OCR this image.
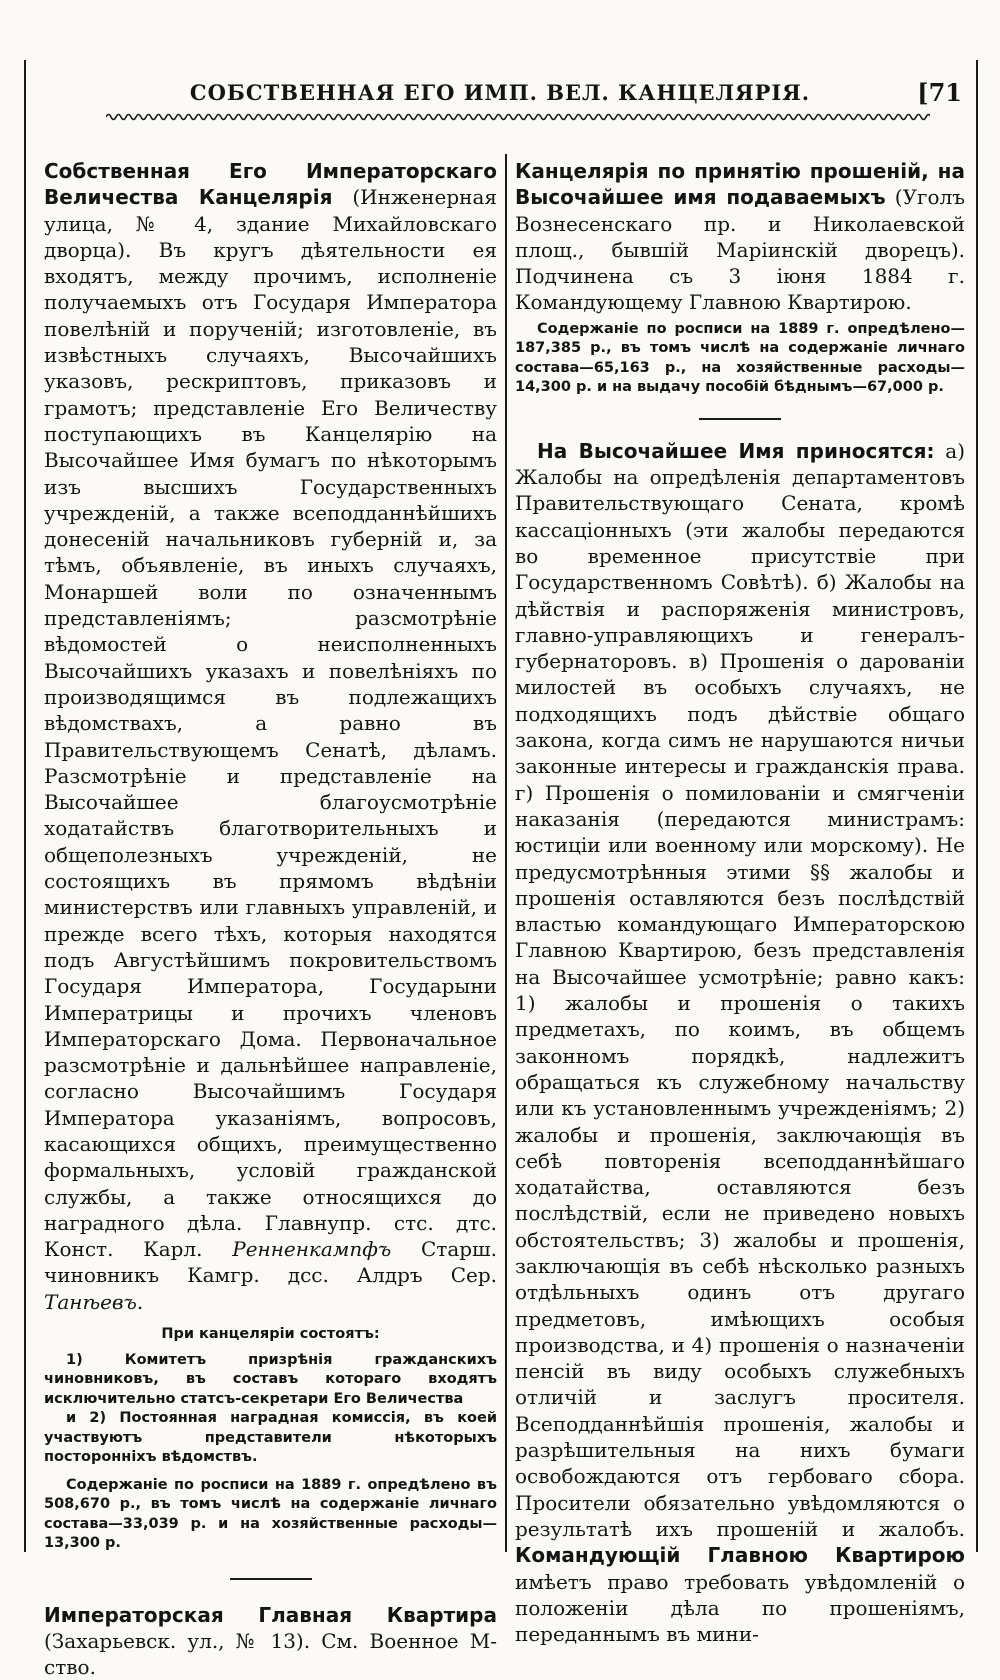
СОБСТВЕННАЯ ЕГО ИМП. ВЕЛ. КАНЦЕЛЯРІЯ.	[71

Собственная Его Императорскаго Величества Канцелярія (Инженерная улица, № 4, здание Михайловскаго дворца). Въ кругъ дѣятельности ея входятъ, между прочимъ, исполненіе получаемыхъ отъ Государя Императора повелѣній и порученій; изготовленіе, въ извѣстныхъ случаяхъ, Высочайшихъ указовъ, рескриптовъ, приказовъ и грамотъ; представленіе Его Величеству поступающихъ въ Канцелярію на Высочайшее Имя бумагъ по нѣкоторымъ изъ высшихъ Государственныхъ учрежденій, а также всеподданнѣйшихъ донесеній начальниковъ губерній и, за тѣмъ, объявленіе, въ иныхъ случаяхъ, Монаршей воли по означеннымъ представленіямъ; разсмотрѣніе вѣдомостей о неисполненныхъ Высочайшихъ указахъ и повелѣніяхъ по производящимся въ подлежащихъ вѣдомствахъ, а равно въ Правительствующемъ Сенатѣ, дѣламъ. Разсмотрѣніе и представленіе на Высочайшее благоусмотрѣніе ходатайствъ благотворительныхъ и общеполезныхъ учрежденій, не состоящихъ въ прямомъ вѣдѣніи министерствъ или главныхъ управленій, и прежде всего тѣхъ, которыя находятся подъ Августѣйшимъ покровительствомъ Государя Императора, Государыни Императрицы и прочихъ членовъ Императорскаго Дома. Первоначальное разсмотрѣніе и дальнѣйшее направленіе, согласно Высочайшимъ Государя Императора указаніямъ, вопросовъ, касающихся общихъ, преимущественно формальныхъ, условій гражданской службы, а также относящихся до наградного дѣла. Главнупр. стс. дтс. Конст. Карл. Ренненкампфъ Старш. чиновникъ Камгр. дсс. Алдръ Сер. Танѣевъ.

При канцеляріи состоятъ:

1) Комитетъ призрѣнія гражданскихъ чиновниковъ, въ составъ котораго входятъ исключительно статсъ-секретари Его Величества

и 2) Постоянная наградная комиссія, въ коей участвуютъ представители нѣкоторыхъ посторонніхъ вѣдомствъ.

Содержаніе по росписи на 1889 г. опредѣлено въ 508,670 р., въ томъ числѣ на содержаніе личнаго состава—33,039 р. и на хозяйственные расходы—13,300 р.

Императорская Главная Квартира (Захарьевск. ул., № 13). См. Военное М-ство.

Канцелярія по принятію прошеній, на Высочайшее имя подаваемыхъ (Уголъ Вознесенскаго пр. и Николаевской площ., бывшій Маріинскій дворецъ). Подчинена съ 3 іюня 1884 г. Командующему Главною Квартирою.

Содержаніе по росписи на 1889 г. опредѣлено—187,385 р., въ томъ числѣ на содержаніе личнаго состава—65,163 р., на хозяйственные расходы—14,300 р. и на выдачу пособій бѣднымъ—67,000 р.

На Высочайшее Имя приносятся: а) Жалобы на опредѣленія департаментовъ Правительствующаго Сената, кромѣ кассаціонныхъ (эти жалобы передаются во временное присутствіе при Государственномъ Совѣтѣ). б) Жалобы на дѣйствія и распоряженія министровъ, главно-управляющихъ и генералъ-губернаторовъ. в) Прошенія о дарованіи милостей въ особыхъ случаяхъ, не подходящихъ подъ дѣйствіе общаго закона, когда симъ не нарушаются ничьи законные интересы и гражданскія права. г) Прошенія о помилованіи и смягченіи наказанія (передаются министрамъ: юстиціи или военному или морскому). Не предусмотрѣнныя этими §§ жалобы и прошенія оставляются безъ послѣдствій властью командующаго Императорскою Главною Квартирою, безъ представленія на Высочайшее усмотрѣніе; равно какъ: 1) жалобы и прошенія о такихъ предметахъ, по коимъ, въ общемъ законномъ порядкѣ, надлежитъ обращаться къ служебному начальству или къ установленнымъ учрежденіямъ; 2) жалобы и прошенія, заключающія въ себѣ повторенія всеподданнѣйшаго ходатайства, оставляются безъ послѣдствій, если не приведено новыхъ обстоятельствъ; 3) жалобы и прошенія, заключающія въ себѣ нѣсколько разныхъ отдѣльныхъ одинъ отъ другаго предметовъ, имѣющихъ особыя производства, и 4) прошенія о назначеніи пенсій въ виду особыхъ служебныхъ отличій и заслугъ просителя. Всеподданнѣйшія прошенія, жалобы и разрѣшительныя на нихъ бумаги освобождаются отъ гербоваго сбора. Просители обязательно увѣдомляются о результатѣ ихъ прошеній и жалобъ. Командующій Главною Квартирою имѣетъ право требовать увѣдомленій о положеніи дѣла по прошеніямъ, переданнымъ въ мини-
